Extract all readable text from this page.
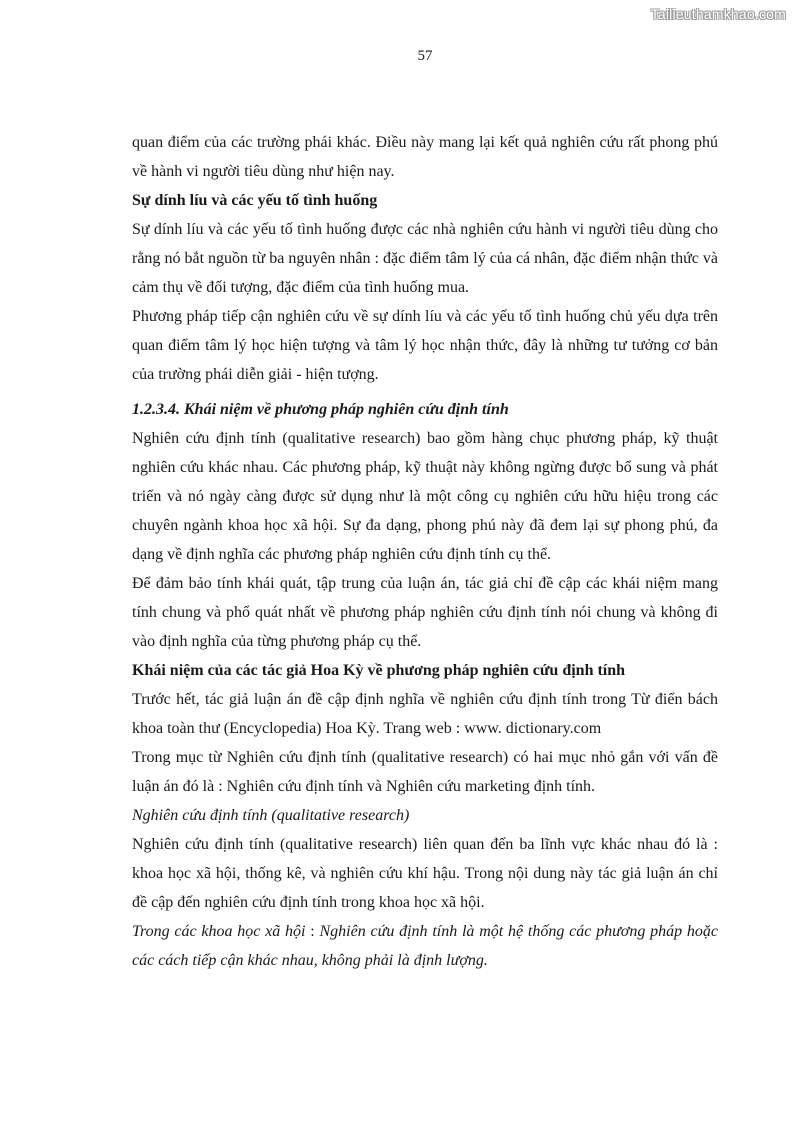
Tailieuthamkhao.com
57

quan điểm của các trường phái khác. Điều này mang lại kết quả nghiên cứu rất phong phú về hành vi người tiêu dùng như hiện nay.

Sự dính líu và các yếu tố tình huống

Sự dính líu và các yếu tố tình huống được các nhà nghiên cứu hành vi người tiêu dùng cho rằng nó bắt nguồn từ ba nguyên nhân : đặc điểm tâm lý của cá nhân, đặc điểm nhận thức và cảm thụ về đối tượng, đặc điểm của tình huống mua.

Phương pháp tiếp cận nghiên cứu về sự dính líu và các yếu tố tình huống chủ yếu dựa trên quan điểm tâm lý học hiện tượng và tâm lý học nhận thức, đây là những tư tưởng cơ bản của trường phái diễn giải - hiện tượng.

1.2.3.4. Khái niệm về phương pháp nghiên cứu định tính

Nghiên cứu định tính (qualitative research) bao gồm hàng chục phương pháp, kỹ thuật nghiên cứu khác nhau. Các phương pháp, kỹ thuật này không ngừng được bổ sung và phát triển và nó ngày càng được sử dụng như là một công cụ nghiên cứu hữu hiệu trong các chuyên ngành khoa học xã hội. Sự đa dạng, phong phú này đã đem lại sự phong phú, đa dạng về định nghĩa các phương pháp nghiên cứu định tính cụ thể.

Để đảm bảo tính khái quát, tập trung của luận án, tác giả chỉ đề cập các khái niệm mang tính chung và phổ quát nhất về phương pháp nghiên cứu định tính nói chung và không đi vào định nghĩa của từng phương pháp cụ thể.

Khái niệm của các tác giả Hoa Kỳ về phương pháp nghiên cứu định tính

Trước hết, tác giả luận án đề cập định nghĩa về nghiên cứu định tính trong Từ điển bách khoa toàn thư (Encyclopedia) Hoa Kỳ. Trang web : www. dictionary.com

Trong mục từ Nghiên cứu định tính (qualitative research) có hai mục nhỏ gắn với vấn đề luận án đó là : Nghiên cứu định tính và Nghiên cứu marketing định tính.

Nghiên cứu định tính (qualitative research)

Nghiên cứu định tính (qualitative research) liên quan đến ba lĩnh vực khác nhau đó là : khoa học xã hội, thống kê, và nghiên cứu khí hậu. Trong nội dung này tác giả luận án chỉ đề cập đến nghiên cứu định tính trong khoa học xã hội.

Trong các khoa học xã hội : Nghiên cứu định tính là một hệ thống các phương pháp hoặc các cách tiếp cận khác nhau, không phải là định lượng.
